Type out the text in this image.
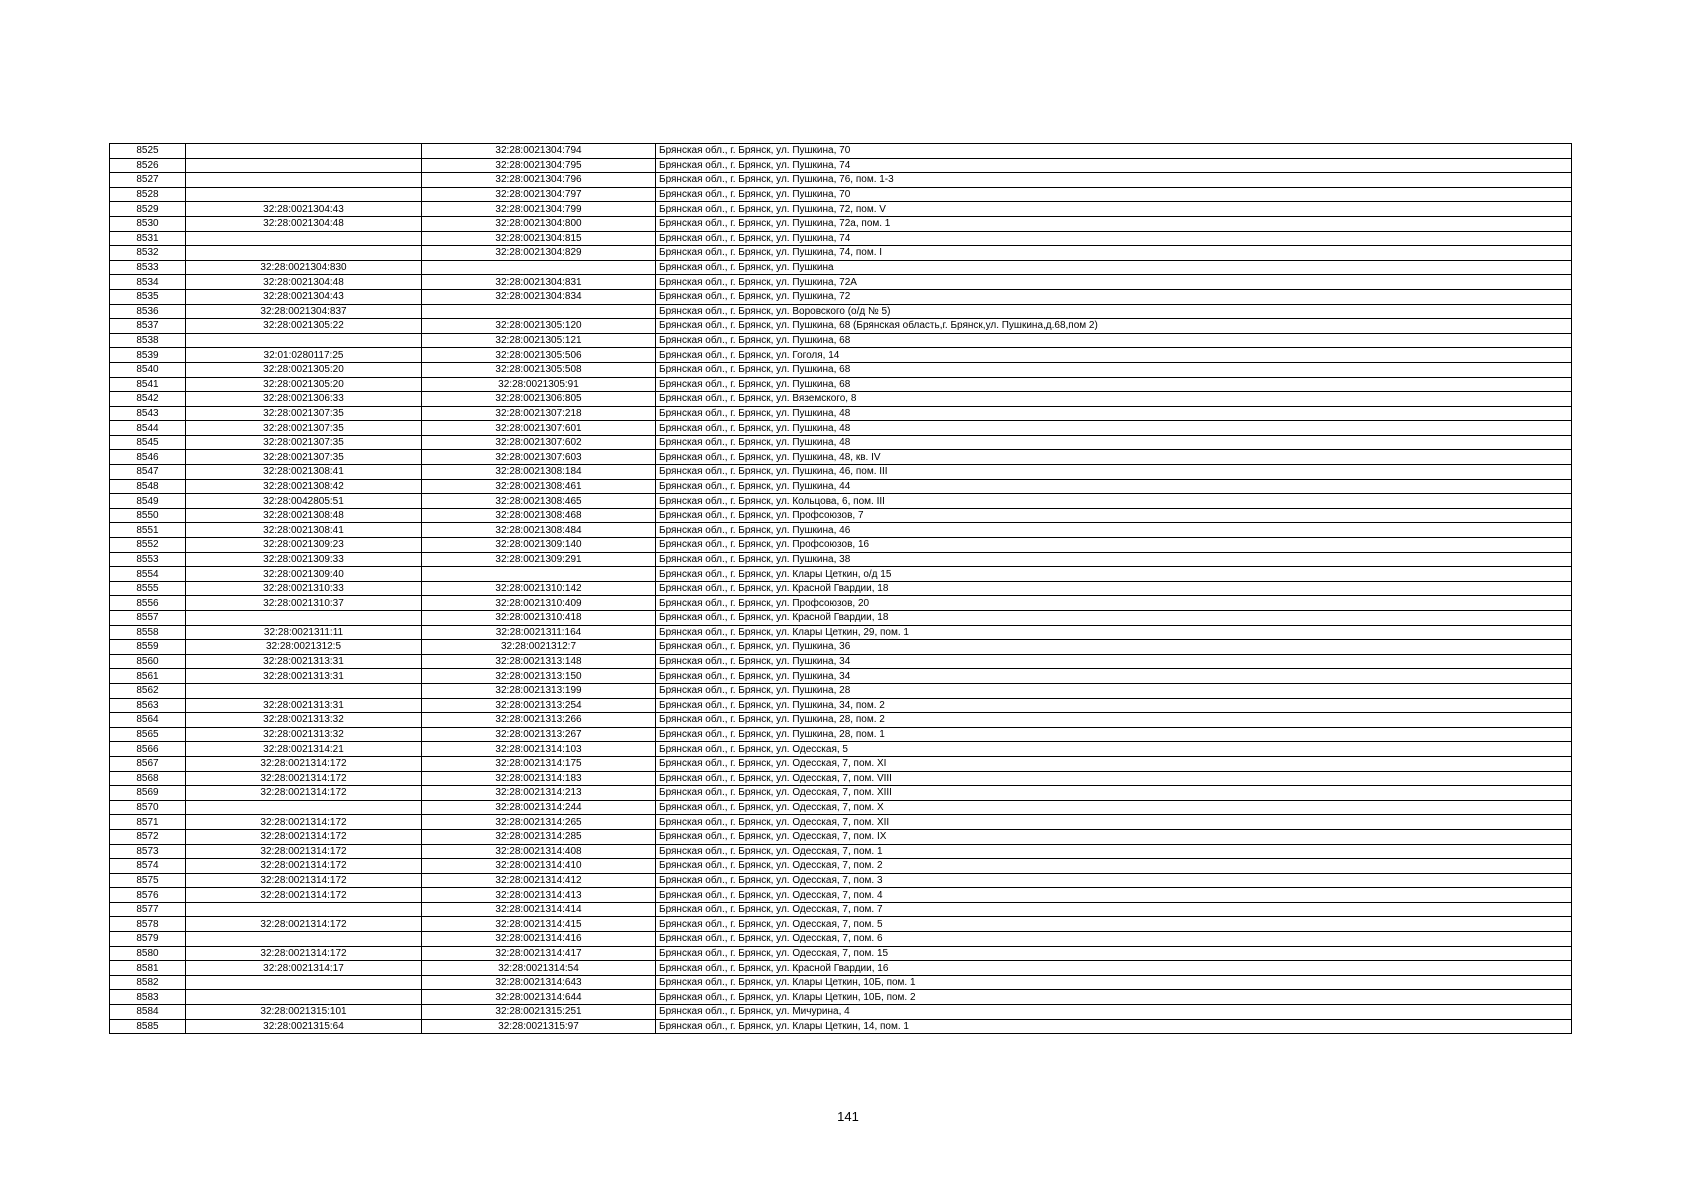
8525		32:28:0021304:794	Брянская обл., г. Брянск, ул. Пушкина, 70
8526		32:28:0021304:795	Брянская обл., г. Брянск, ул. Пушкина, 74
8527		32:28:0021304:796	Брянская обл., г. Брянск, ул. Пушкина, 76, пом. 1-3
8528		32:28:0021304:797	Брянская обл., г. Брянск, ул. Пушкина, 70
8529	32:28:0021304:43	32:28:0021304:799	Брянская обл., г. Брянск, ул. Пушкина, 72, пом. V
8530	32:28:0021304:48	32:28:0021304:800	Брянская обл., г. Брянск, ул. Пушкина, 72а, пом. 1
8531		32:28:0021304:815	Брянская обл., г. Брянск, ул. Пушкина, 74
8532		32:28:0021304:829	Брянская обл., г. Брянск, ул. Пушкина, 74, пом. I
8533	32:28:0021304:830		Брянская обл., г. Брянск, ул. Пушкина
8534	32:28:0021304:48	32:28:0021304:831	Брянская обл., г. Брянск, ул. Пушкина, 72А
8535	32:28:0021304:43	32:28:0021304:834	Брянская обл., г. Брянск, ул. Пушкина, 72
8536	32:28:0021304:837		Брянская обл., г. Брянск, ул. Воровского (о/д № 5)
8537	32:28:0021305:22	32:28:0021305:120	Брянская обл., г. Брянск, ул. Пушкина, 68 (Брянская область,г. Брянск,ул. Пушкина,д.68,пом 2)
8538		32:28:0021305:121	Брянская обл., г. Брянск, ул. Пушкина, 68
8539	32:01:0280117:25	32:28:0021305:506	Брянская обл., г. Брянск, ул. Гоголя, 14
8540	32:28:0021305:20	32:28:0021305:508	Брянская обл., г. Брянск, ул. Пушкина, 68
8541	32:28:0021305:20	32:28:0021305:91	Брянская обл., г. Брянск, ул. Пушкина, 68
8542	32:28:0021306:33	32:28:0021306:805	Брянская обл., г. Брянск, ул. Вяземского, 8
8543	32:28:0021307:35	32:28:0021307:218	Брянская обл., г. Брянск, ул. Пушкина, 48
8544	32:28:0021307:35	32:28:0021307:601	Брянская обл., г. Брянск, ул. Пушкина, 48
8545	32:28:0021307:35	32:28:0021307:602	Брянская обл., г. Брянск, ул. Пушкина, 48
8546	32:28:0021307:35	32:28:0021307:603	Брянская обл., г. Брянск, ул. Пушкина, 48, кв. IV
8547	32:28:0021308:41	32:28:0021308:184	Брянская обл., г. Брянск, ул. Пушкина, 46, пом. III
8548	32:28:0021308:42	32:28:0021308:461	Брянская обл., г. Брянск, ул. Пушкина, 44
8549	32:28:0042805:51	32:28:0021308:465	Брянская обл., г. Брянск, ул. Кольцова, 6, пом. III
8550	32:28:0021308:48	32:28:0021308:468	Брянская обл., г. Брянск, ул. Профсоюзов, 7
8551	32:28:0021308:41	32:28:0021308:484	Брянская обл., г. Брянск, ул. Пушкина, 46
8552	32:28:0021309:23	32:28:0021309:140	Брянская обл., г. Брянск, ул. Профсоюзов, 16
8553	32:28:0021309:33	32:28:0021309:291	Брянская обл., г. Брянск, ул. Пушкина, 38
8554	32:28:0021309:40		Брянская обл., г. Брянск, ул. Клары Цеткин, о/д 15
8555	32:28:0021310:33	32:28:0021310:142	Брянская обл., г. Брянск, ул. Красной Гвардии, 18
8556	32:28:0021310:37	32:28:0021310:409	Брянская обл., г. Брянск, ул. Профсоюзов, 20
8557		32:28:0021310:418	Брянская обл., г. Брянск, ул. Красной Гвардии, 18
8558	32:28:0021311:11	32:28:0021311:164	Брянская обл., г. Брянск, ул. Клары Цеткин, 29, пом. 1
8559	32:28:0021312:5	32:28:0021312:7	Брянская обл., г. Брянск, ул. Пушкина, 36
8560	32:28:0021313:31	32:28:0021313:148	Брянская обл., г. Брянск, ул. Пушкина, 34
8561	32:28:0021313:31	32:28:0021313:150	Брянская обл., г. Брянск, ул. Пушкина, 34
8562		32:28:0021313:199	Брянская обл., г. Брянск, ул. Пушкина, 28
8563	32:28:0021313:31	32:28:0021313:254	Брянская обл., г. Брянск, ул. Пушкина, 34, пом. 2
8564	32:28:0021313:32	32:28:0021313:266	Брянская обл., г. Брянск, ул. Пушкина, 28, пом. 2
8565	32:28:0021313:32	32:28:0021313:267	Брянская обл., г. Брянск, ул. Пушкина, 28, пом. 1
8566	32:28:0021314:21	32:28:0021314:103	Брянская обл., г. Брянск, ул. Одесская, 5
8567	32:28:0021314:172	32:28:0021314:175	Брянская обл., г. Брянск, ул. Одесская, 7, пом. XI
8568	32:28:0021314:172	32:28:0021314:183	Брянская обл., г. Брянск, ул. Одесская, 7, пом. VIII
8569	32:28:0021314:172	32:28:0021314:213	Брянская обл., г. Брянск, ул. Одесская, 7, пом. XIII
8570		32:28:0021314:244	Брянская обл., г. Брянск, ул. Одесская, 7, пом. X
8571	32:28:0021314:172	32:28:0021314:265	Брянская обл., г. Брянск, ул. Одесская, 7, пом. XII
8572	32:28:0021314:172	32:28:0021314:285	Брянская обл., г. Брянск, ул. Одесская, 7, пом. IX
8573	32:28:0021314:172	32:28:0021314:408	Брянская обл., г. Брянск, ул. Одесская, 7, пом. 1
8574	32:28:0021314:172	32:28:0021314:410	Брянская обл., г. Брянск, ул. Одесская, 7, пом. 2
8575	32:28:0021314:172	32:28:0021314:412	Брянская обл., г. Брянск, ул. Одесская, 7, пом. 3
8576	32:28:0021314:172	32:28:0021314:413	Брянская обл., г. Брянск, ул. Одесская, 7, пом. 4
8577		32:28:0021314:414	Брянская обл., г. Брянск, ул. Одесская, 7, пом. 7
8578	32:28:0021314:172	32:28:0021314:415	Брянская обл., г. Брянск, ул. Одесская, 7, пом. 5
8579		32:28:0021314:416	Брянская обл., г. Брянск, ул. Одесская, 7, пом. 6
8580	32:28:0021314:172	32:28:0021314:417	Брянская обл., г. Брянск, ул. Одесская, 7, пом. 15
8581	32:28:0021314:17	32:28:0021314:54	Брянская обл., г. Брянск, ул. Красной Гвардии, 16
8582		32:28:0021314:643	Брянская обл., г. Брянск, ул. Клары Цеткин, 10Б, пом. 1
8583		32:28:0021314:644	Брянская обл., г. Брянск, ул. Клары Цеткин, 10Б, пом. 2
8584	32:28:0021315:101	32:28:0021315:251	Брянская обл., г. Брянск, ул. Мичурина, 4
8585	32:28:0021315:64	32:28:0021315:97	Брянская обл., г. Брянск, ул. Клары Цеткин, 14, пом. 1
141
